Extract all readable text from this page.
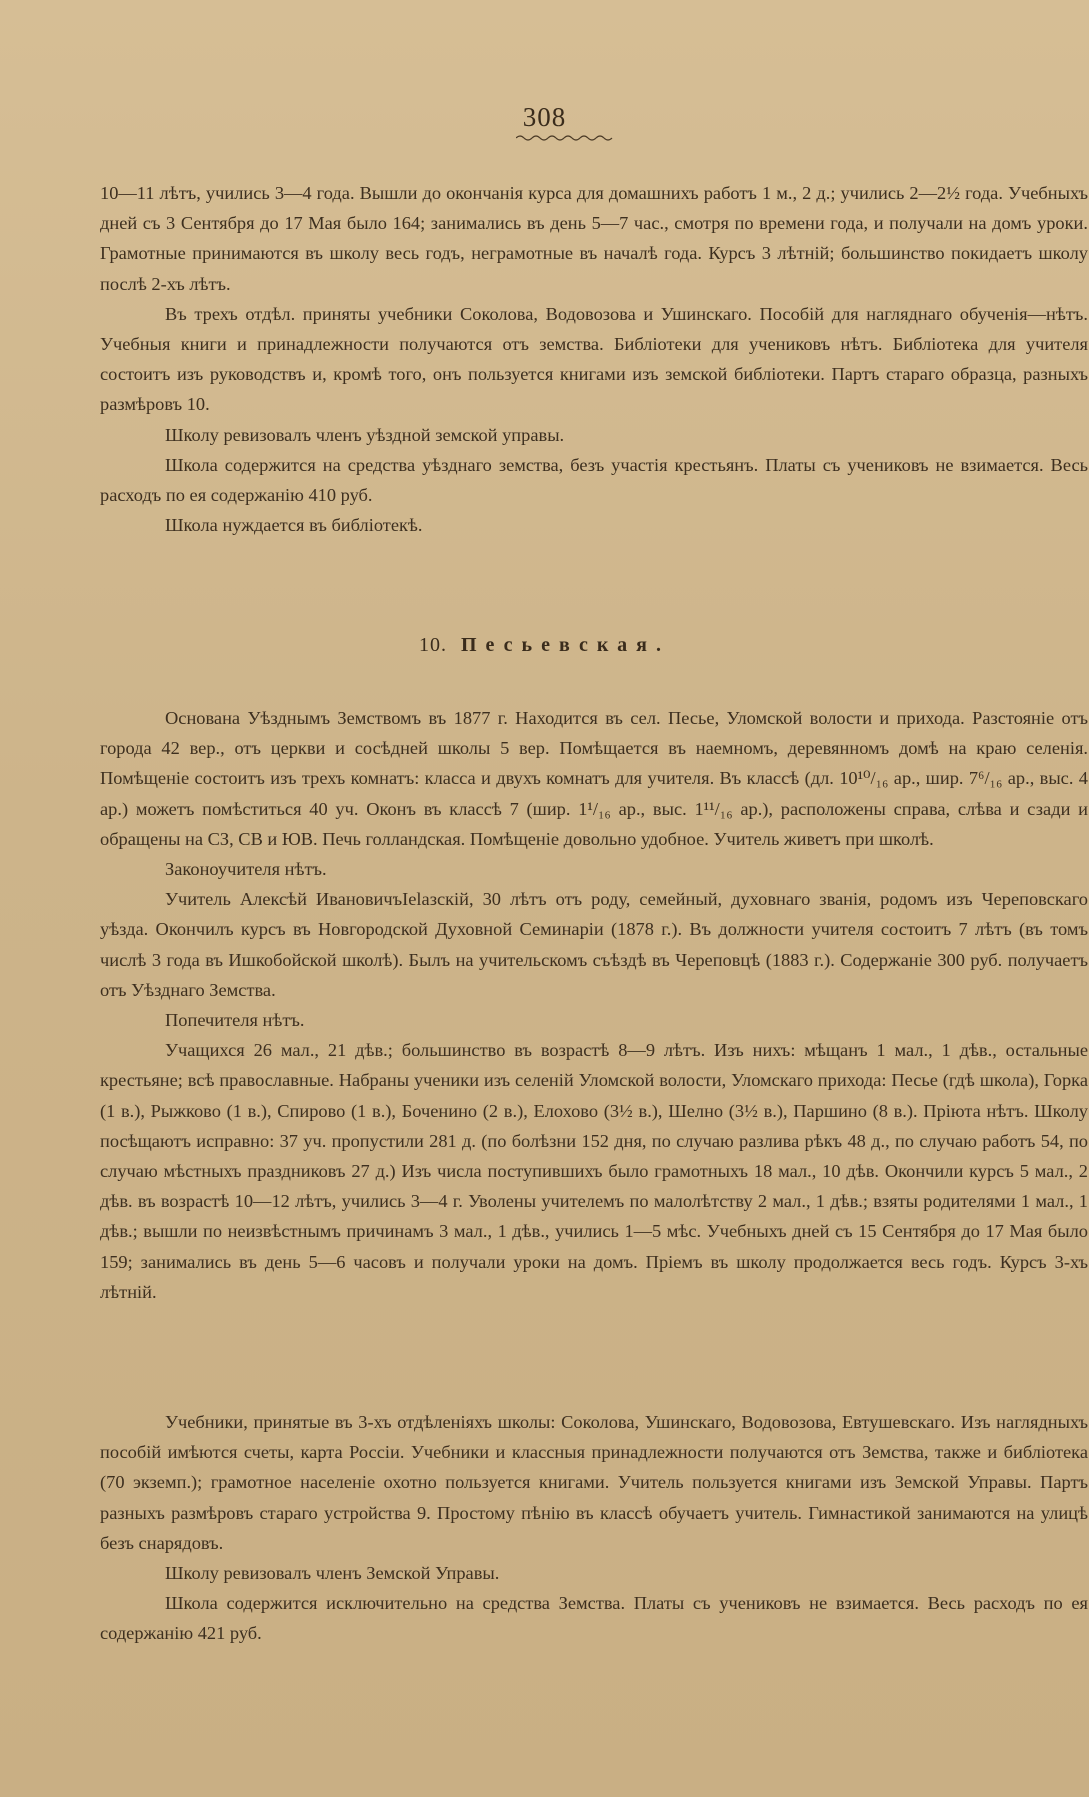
308

10—11 лѣтъ, учились 3—4 года. Вышли до окончанія курса для домашнихъ работъ 1 м., 2 д.; учились 2—2½ года. Учебныхъ дней съ 3 Сентября до 17 Мая было 164; занимались въ день 5—7 час., смотря по времени года, и получали на домъ уроки. Грамотные принимаются въ школу весь годъ, неграмотные въ началѣ года. Курсъ 3 лѣтній; большинство покидаетъ школу послѣ 2-хъ лѣтъ.

Въ трехъ отдѣл. приняты учебники Соколова, Водовозова и Ушинскаго. Пособій для нагляднаго обученія—нѣтъ. Учебныя книги и принадлежности получаются отъ земства. Библіотеки для учениковъ нѣтъ. Библіотека для учителя состоитъ изъ руководствъ и, кромѣ того, онъ пользуется книгами изъ земской библіотеки. Партъ стараго образца, разныхъ размѣровъ 10.

Школу ревизовалъ членъ уѣздной земской управы.

Школа содержится на средства уѣзднаго земства, безъ участія крестьянъ. Платы съ учениковъ не взимается. Весь расходъ по ея содержанію 410 руб.

Школа нуждается въ библіотекѣ.

10. Песьевская.

Основана Уѣзднымъ Земствомъ въ 1877 г. Находится въ сел. Песье, Уломской волости и прихода. Разстояніе отъ города 42 вер., отъ церкви и сосѣдней школы 5 вер. Помѣщается въ наемномъ, деревянномъ домѣ на краю селенія. Помѣщеніе состоитъ изъ трехъ комнатъ: класса и двухъ комнатъ для учителя. Въ классѣ (дл. 10¹⁰/₁₆ ар., шир. 7⁶/₁₆ ар., выс. 4 ар.) можетъ помѣститься 40 уч. Оконъ въ классѣ 7 (шир. 1¹/₁₆ ар., выс. 1¹¹/₁₆ ар.), расположены справа, слѣва и сзади и обращены на СЗ, СВ и ЮВ. Печь голландская. Помѣщеніе довольно удобное. Учитель живетъ при школѣ.

Законоучителя нѣтъ.

Учитель Алексѣй ИвановичъIelaзскій, 30 лѣтъ отъ роду, семейный, духовнаго званія, родомъ изъ Череповскаго уѣзда. Окончилъ курсъ въ Новгородской Духовной Семинаріи (1878 г.). Въ должности учителя состоитъ 7 лѣтъ (въ томъ числѣ 3 года въ Ишкобойской школѣ). Былъ на учительскомъ съѣздѣ въ Череповцѣ (1883 г.). Содержаніе 300 руб. получаетъ отъ Уѣзднаго Земства.

Попечителя нѣтъ.

Учащихся 26 мал., 21 дѣв.; большинство въ возрастѣ 8—9 лѣтъ. Изъ нихъ: мѣщанъ 1 мал., 1 дѣв., остальные крестьяне; всѣ православные. Набраны ученики изъ селеній Уломской волости, Уломскаго прихода: Песье (гдѣ школа), Горка (1 в.), Рыжково (1 в.), Спирово (1 в.), Боченино (2 в.), Елохово (3½ в.), Шелно (3½ в.), Паршино (8 в.). Пріюта нѣтъ. Школу посѣщаютъ исправно: 37 уч. пропустили 281 д. (по болѣзни 152 дня, по случаю разлива рѣкъ 48 д., по случаю работъ 54, по случаю мѣстныхъ праздниковъ 27 д.) Изъ числа поступившихъ было грамотныхъ 18 мал., 10 дѣв. Окончили курсъ 5 мал., 2 дѣв. въ возрастѣ 10—12 лѣтъ, учились 3—4 г. Уволены учителемъ по малолѣтству 2 мал., 1 дѣв.; взяты родителями 1 мал., 1 дѣв.; вышли по неизвѣстнымъ причинамъ 3 мал., 1 дѣв., учились 1—5 мѣс. Учебныхъ дней съ 15 Сентября до 17 Мая было 159; занимались въ день 5—6 часовъ и получали уроки на домъ. Пріемъ въ школу продолжается весь годъ. Курсъ 3-хъ лѣтній.

Учебники, принятые въ 3-хъ отдѣленіяхъ школы: Соколова, Ушинскаго, Водовозова, Евтушевскаго. Изъ наглядныхъ пособій имѣются счеты, карта Россіи. Учебники и классныя принадлежности получаются отъ Земства, также и библіотека (70 экземп.); грамотное населеніе охотно пользуется книгами. Учитель пользуется книгами изъ Земской Управы. Партъ разныхъ размѣровъ стараго устройства 9. Простому пѣнію въ классѣ обучаетъ учитель. Гимнастикой занимаются на улицѣ безъ снарядовъ.

Школу ревизовалъ членъ Земской Управы.

Школа содержится исключительно на средства Земства. Платы съ учениковъ не взимается. Весь расходъ по ея содержанію 421 руб.
